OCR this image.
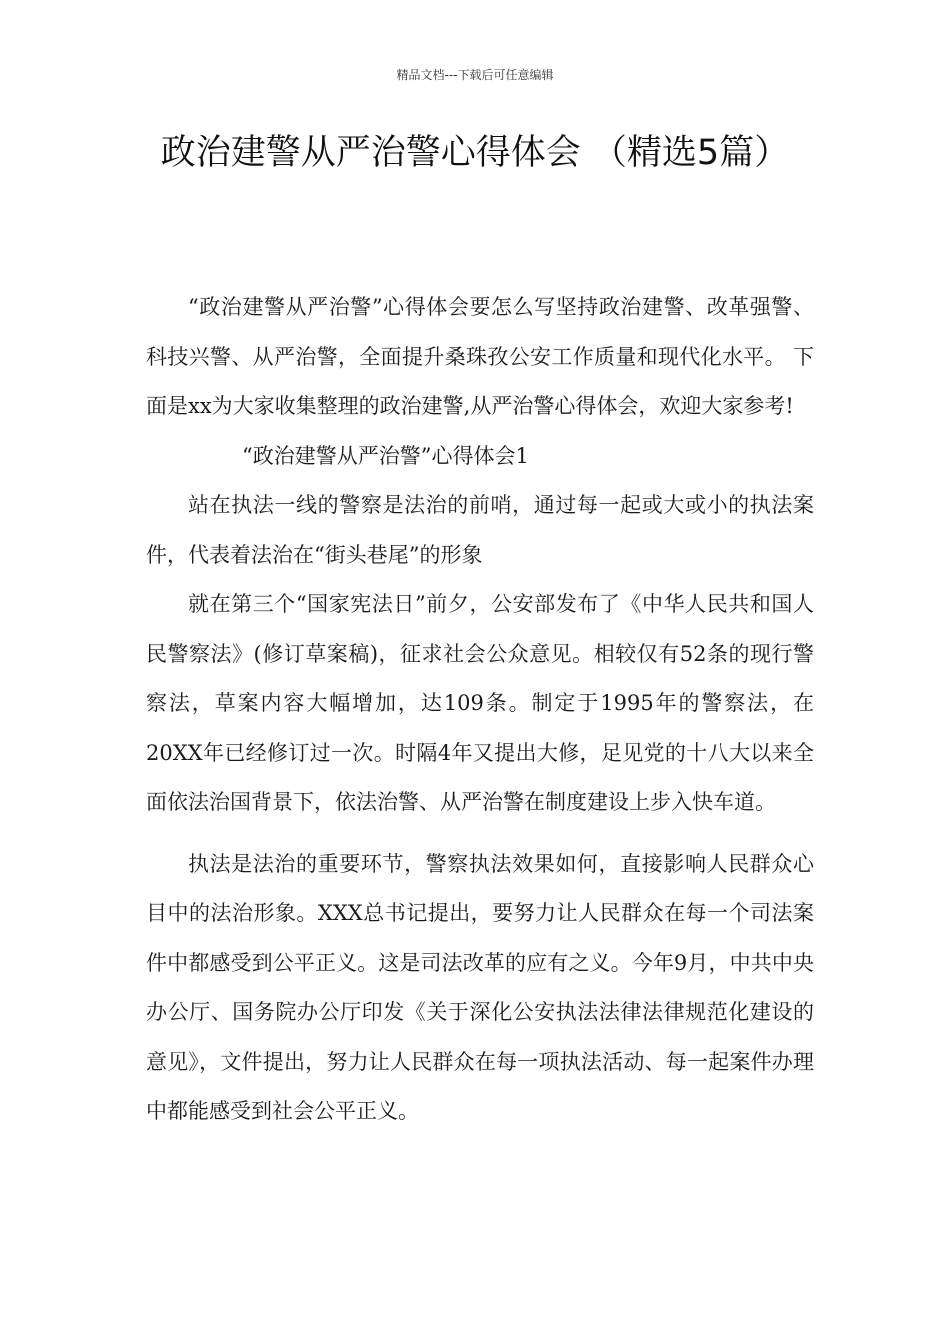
精品文档---下载后可任意编辑
政治建警从严治警心得体会 （精选5篇）

“政治建警从严治警”心得体会要怎么写坚持政治建警、改革强警、科技兴警、从严治警，全面提升桑珠孜公安工作质量和现代化水平。 下面是xx为大家收集整理的政治建警,从严治警心得体会，欢迎大家参考!

“政治建警从严治警”心得体会1

站在执法一线的警察是法治的前哨，通过每一起或大或小的执法案件，代表着法治在“街头巷尾”的形象

就在第三个“国家宪法日”前夕，公安部发布了《中华人民共和国人民警察法》(修订草案稿)，征求社会公众意见。相较仅有52条的现行警察法，草案内容大幅增加，达109条。制定于1995年的警察法，在20XX年已经修订过一次。时隔4年又提出大修，足见党的十八大以来全面依法治国背景下，依法治警、从严治警在制度建设上步入快车道。

执法是法治的重要环节，警察执法效果如何，直接影响人民群众心目中的法治形象。XXX总书记提出，要努力让人民群众在每一个司法案件中都感受到公平正义。这是司法改革的应有之义。今年9月，中共中央办公厅、国务院办公厅印发《关于深化公安执法法律法律规范化建设的意见》，文件提出，努力让人民群众在每一项执法活动、每一起案件办理中都能感受到社会公平正义。
